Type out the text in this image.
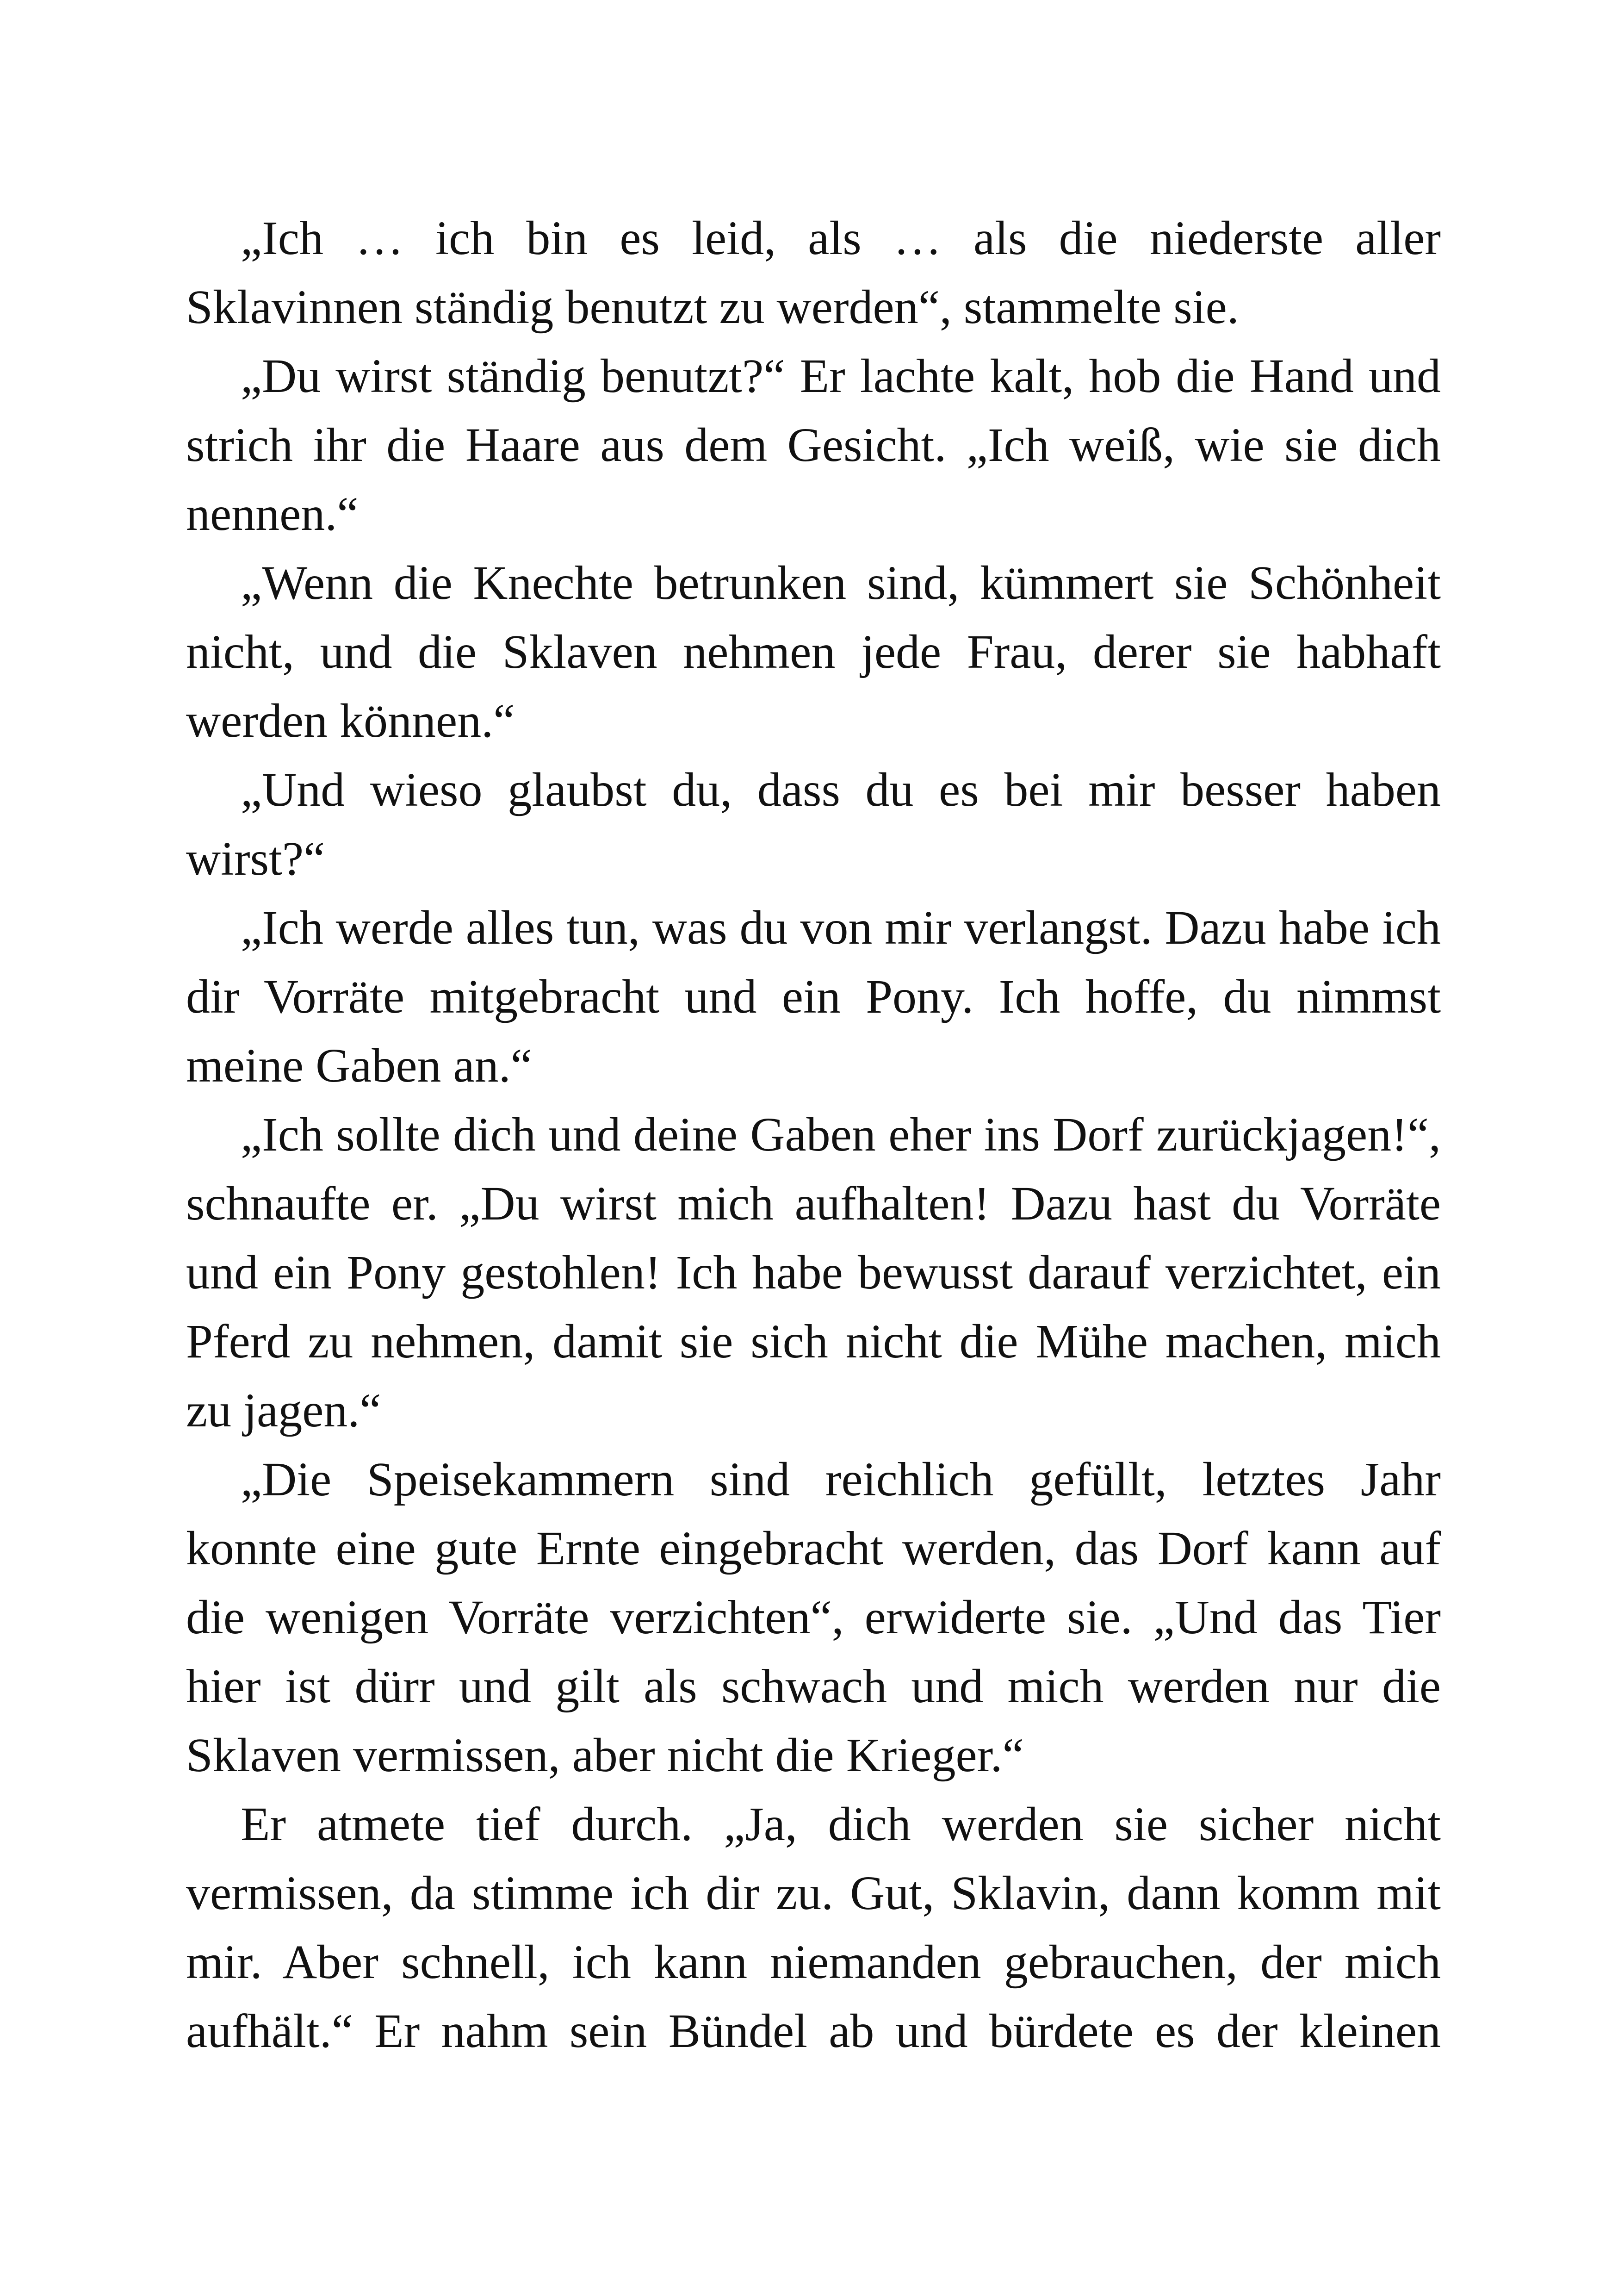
„Ich … ich bin es leid, als … als die niederste aller Sklavinnen ständig benutzt zu werden“, stammelte sie.

„Du wirst ständig benutzt?“ Er lachte kalt, hob die Hand und strich ihr die Haare aus dem Gesicht. „Ich weiß, wie sie dich nennen.“

„Wenn die Knechte betrunken sind, kümmert sie Schönheit nicht, und die Sklaven nehmen jede Frau, derer sie habhaft werden können.“

„Und wieso glaubst du, dass du es bei mir besser haben wirst?“

„Ich werde alles tun, was du von mir verlangst. Dazu habe ich dir Vorräte mitgebracht und ein Pony. Ich hoffe, du nimmst meine Gaben an.“

„Ich sollte dich und deine Gaben eher ins Dorf zurückjagen!“, schnaufte er. „Du wirst mich aufhalten! Dazu hast du Vorräte und ein Pony gestohlen! Ich habe bewusst darauf verzichtet, ein Pferd zu nehmen, damit sie sich nicht die Mühe machen, mich zu jagen.“

„Die Speisekammern sind reichlich gefüllt, letztes Jahr konnte eine gute Ernte eingebracht werden, das Dorf kann auf die wenigen Vorräte verzichten“, erwiderte sie. „Und das Tier hier ist dürr und gilt als schwach und mich werden nur die Sklaven vermissen, aber nicht die Krieger.“

Er atmete tief durch. „Ja, dich werden sie sicher nicht vermissen, da stimme ich dir zu. Gut, Sklavin, dann komm mit mir. Aber schnell, ich kann niemanden gebrauchen, der mich aufhält.“ Er nahm sein Bündel ab und bürdete es der kleinen
